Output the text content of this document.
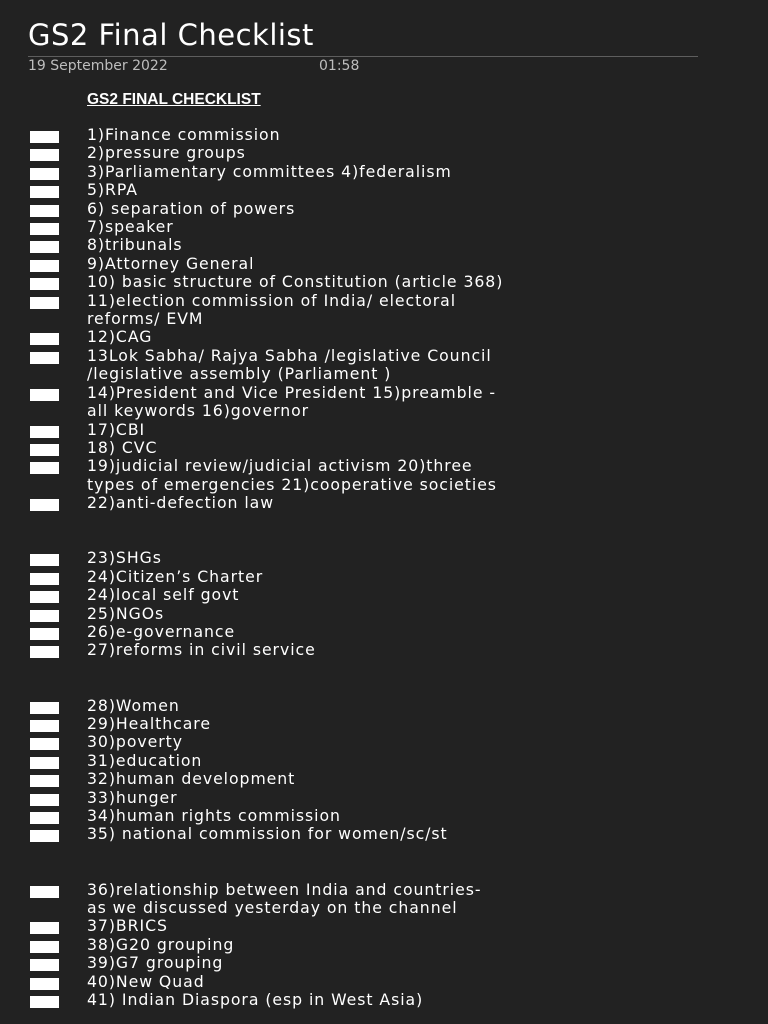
GS2 Final Checklist
19 September 2022	01:58
GS2 FINAL CHECKLIST
1)Finance commission
2)pressure groups
3)Parliamentary committees 4)federalism
5)RPA
6) separation of powers
7)speaker
8)tribunals
9)Attorney General
10) basic structure of Constitution (article 368)
11)election commission of India/ electoral
reforms/ EVM
12)CAG
13Lok Sabha/ Rajya Sabha /legislative Council
/legislative assembly (Parliament )
14)President and Vice President 15)preamble -
all keywords 16)governor
17)CBI
18) CVC
19)judicial review/judicial activism 20)three
types of emergencies 21)cooperative societies
22)anti-defection law
23)SHGs
24)Citizen’s Charter
24)local self govt
25)NGOs
26)e-governance
27)reforms in civil service
28)Women
29)Healthcare
30)poverty
31)education
32)human development
33)hunger
34)human rights commission
35) national commission for women/sc/st
36)relationship between India and countries-
as we discussed yesterday on the channel
37)BRICS
38)G20 grouping
39)G7 grouping
40)New Quad
41) Indian Diaspora (esp in West Asia)
